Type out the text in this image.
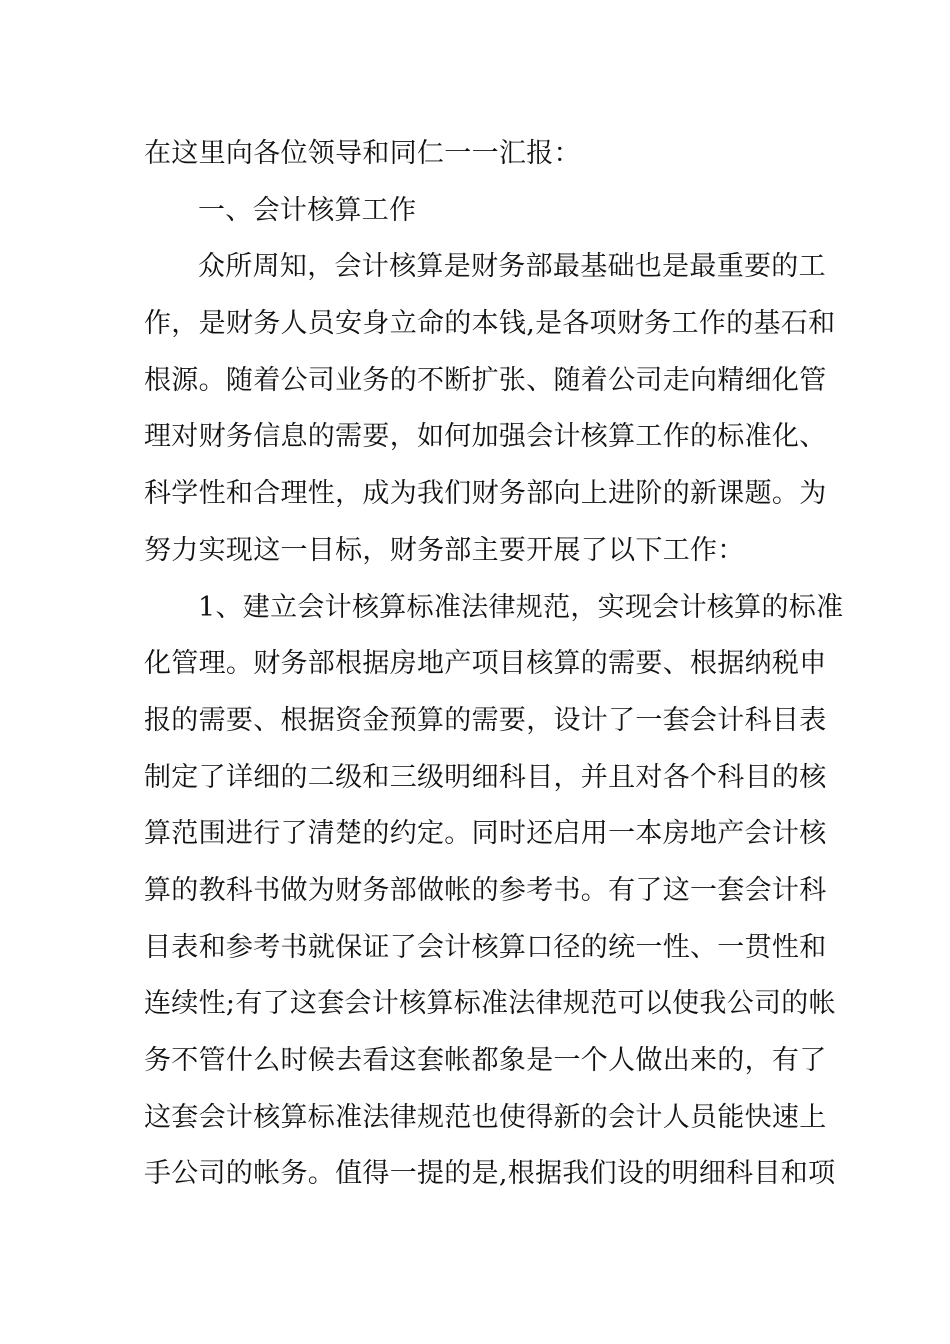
在这里向各位领导和同仁一一汇报：
一、会计核算工作
众所周知，会计核算是财务部最基础也是最重要的工
作，是财务人员安身立命的本钱,是各项财务工作的基石和
根源。随着公司业务的不断扩张、随着公司走向精细化管
理对财务信息的需要，如何加强会计核算工作的标准化、
科学性和合理性，成为我们财务部向上进阶的新课题。为
努力实现这一目标，财务部主要开展了以下工作：
1、建立会计核算标准法律规范，实现会计核算的标准
化管理。财务部根据房地产项目核算的需要、根据纳税申
报的需要、根据资金预算的需要，设计了一套会计科目表
制定了详细的二级和三级明细科目，并且对各个科目的核
算范围进行了清楚的约定。同时还启用一本房地产会计核
算的教科书做为财务部做帐的参考书。有了这一套会计科
目表和参考书就保证了会计核算口径的统一性、一贯性和
连续性;有了这套会计核算标准法律规范可以使我公司的帐
务不管什么时候去看这套帐都象是一个人做出来的，有了
这套会计核算标准法律规范也使得新的会计人员能快速上
手公司的帐务。值得一提的是,根据我们设的明细科目和项
